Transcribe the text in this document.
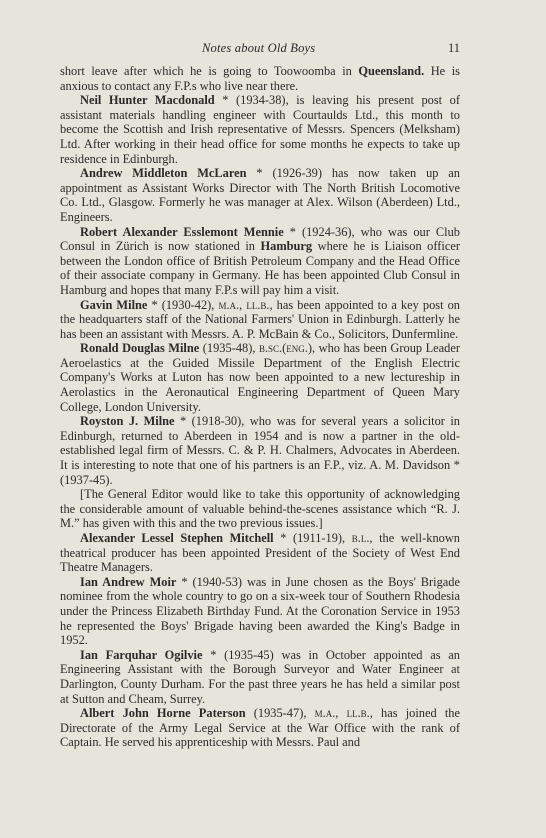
Notes about Old Boys	11

short leave after which he is going to Toowoomba in Queensland. He is anxious to contact any F.P.s who live near there.

Neil Hunter Macdonald * (1934-38), is leaving his present post of assistant materials handling engineer with Courtaulds Ltd., this month to become the Scottish and Irish representative of Messrs. Spencers (Melksham) Ltd. After working in their head office for some months he expects to take up residence in Edinburgh.

Andrew Middleton McLaren * (1926-39) has now taken up an appointment as Assistant Works Director with The North British Locomotive Co. Ltd., Glasgow. Formerly he was manager at Alex. Wilson (Aberdeen) Ltd., Engineers.

Robert Alexander Esslemont Mennie * (1924-36), who was our Club Consul in Zürich is now stationed in Hamburg where he is Liaison officer between the London office of British Petroleum Company and the Head Office of their associate company in Germany. He has been appointed Club Consul in Hamburg and hopes that many F.P.s will pay him a visit.

Gavin Milne * (1930-42), m.a., ll.b., has been appointed to a key post on the headquarters staff of the National Farmers' Union in Edinburgh. Latterly he has been an assistant with Messrs. A. P. McBain & Co., Solicitors, Dunfermline.

Ronald Douglas Milne (1935-48), b.sc.(eng.), who has been Group Leader Aeroelastics at the Guided Missile Department of the English Electric Company's Works at Luton has now been appointed to a new lectureship in Aerolastics in the Aeronautical Engineering Department of Queen Mary College, London University.

Royston J. Milne * (1918-30), who was for several years a solicitor in Edinburgh, returned to Aberdeen in 1954 and is now a partner in the old-established legal firm of Messrs. C. & P. H. Chalmers, Advocates in Aberdeen. It is interesting to note that one of his partners is an F.P., viz. A. M. Davidson * (1937-45).

[The General Editor would like to take this opportunity of acknowledging the considerable amount of valuable behind-the-scenes assistance which “R. J. M.” has given with this and the two previous issues.]

Alexander Lessel Stephen Mitchell * (1911-19), b.l., the well-known theatrical producer has been appointed President of the Society of West End Theatre Managers.

Ian Andrew Moir * (1940-53) was in June chosen as the Boys' Brigade nominee from the whole country to go on a six-week tour of Southern Rhodesia under the Princess Elizabeth Birthday Fund. At the Coronation Service in 1953 he represented the Boys' Brigade having been awarded the King's Badge in 1952.

Ian Farquhar Ogilvie * (1935-45) was in October appointed as an Engineering Assistant with the Borough Surveyor and Water Engineer at Darlington, County Durham. For the past three years he has held a similar post at Sutton and Cheam, Surrey.

Albert John Horne Paterson (1935-47), m.a., ll.b., has joined the Directorate of the Army Legal Service at the War Office with the rank of Captain. He served his apprenticeship with Messrs. Paul and
